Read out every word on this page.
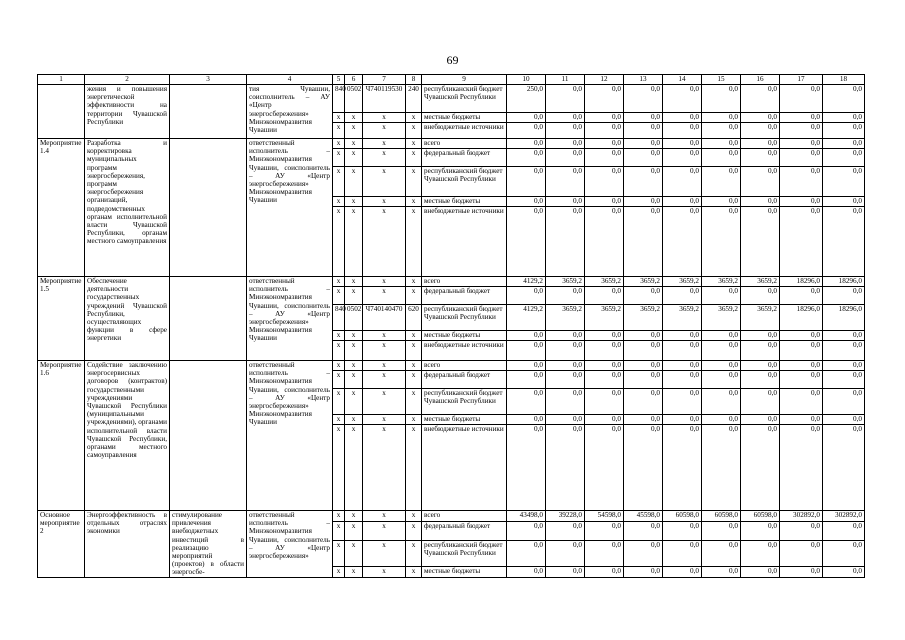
69
1	2	3	4	5	6	7	8	9	10	11	12	13	14	15	16	17	18
	жения и повышения энергетической эффективности на территории Чувашской Республики		тия Чувашии, соисполнитель – АУ «Центр энергосбережения» Минэкономразвития Чувашии	840	0502	Ч740119530	240	республиканский бюджет Чувашской Республики	250,0	0,0	0,0	0,0	0,0	0,0	0,0	0,0	0,0
				x	x	x	x	местные бюджеты	0,0	0,0	0,0	0,0	0,0	0,0	0,0	0,0	0,0
				x	x	x	x	внебюджетные источники	0,0	0,0	0,0	0,0	0,0	0,0	0,0	0,0	0,0
Мероприятие 1.4	Разработка и корректировка муниципальных программ энергосбережения, программ энергосбережения организаций, подведомственных органам исполнительной власти Чувашской Республики, органам местного самоуправления		ответственный исполнитель – Минэкономразвития Чувашии, соисполнитель – АУ «Центр энергосбережения» Минэкономразвития Чувашии	x	x	x	x	всего	0,0	0,0	0,0	0,0	0,0	0,0	0,0	0,0	0,0
				x	x	x	x	федеральный бюджет	0,0	0,0	0,0	0,0	0,0	0,0	0,0	0,0	0,0
				x	x	x	x	республиканский бюджет Чувашской Республики	0,0	0,0	0,0	0,0	0,0	0,0	0,0	0,0	0,0
				x	x	x	x	местные бюджеты	0,0	0,0	0,0	0,0	0,0	0,0	0,0	0,0	0,0
				x	x	x	x	внебюджетные источники	0,0	0,0	0,0	0,0	0,0	0,0	0,0	0,0	0,0
Мероприятие 1.5	Обеспечение деятельности государственных учреждений Чувашской Республики, осуществляющих функции в сфере энергетики		ответственный исполнитель – Минэкономразвития Чувашии, соисполнитель – АУ «Центр энергосбережения» Минэкономразвития Чувашии	x	x	x	x	всего	4129,2	3659,2	3659,2	3659,2	3659,2	3659,2	3659,2	18296,0	18296,0
				x	x	x	x	федеральный бюджет	0,0	0,0	0,0	0,0	0,0	0,0	0,0	0,0	0,0
				840	0502	Ч740140470	620	республиканский бюджет Чувашской Республики	4129,2	3659,2	3659,2	3659,2	3659,2	3659,2	3659,2	18296,0	18296,0
				x	x	x	x	местные бюджеты	0,0	0,0	0,0	0,0	0,0	0,0	0,0	0,0	0,0
				x	x	x	x	внебюджетные источники	0,0	0,0	0,0	0,0	0,0	0,0	0,0	0,0	0,0
Мероприятие 1.6	Содействие заключению энергосервисных договоров (контрактов) государственными учреждениями Чувашской Республики (муниципальными учреждениями), органами исполнительной власти Чувашской Республики, органами местного самоуправления		ответственный исполнитель – Минэкономразвития Чувашии, соисполнитель – АУ «Центр энергосбережения» Минэкономразвития Чувашии	x	x	x	x	всего	0,0	0,0	0,0	0,0	0,0	0,0	0,0	0,0	0,0
				x	x	x	x	федеральный бюджет	0,0	0,0	0,0	0,0	0,0	0,0	0,0	0,0	0,0
				x	x	x	x	республиканский бюджет Чувашской Республики	0,0	0,0	0,0	0,0	0,0	0,0	0,0	0,0	0,0
				x	x	x	x	местные бюджеты	0,0	0,0	0,0	0,0	0,0	0,0	0,0	0,0	0,0
				x	x	x	x	внебюджетные источники	0,0	0,0	0,0	0,0	0,0	0,0	0,0	0,0	0,0
Основное мероприятие 2	Энергоэффективность в отдельных отраслях экономики	стимулирование привлечения внебюджетных инвестиций в реализацию мероприятий (проектов) в области энергосбе-	ответственный исполнитель – Минэкономразвития Чувашии, соисполнитель – АУ «Центр энергосбережения»	x	x	x	x	всего	43498,0	39228,0	54598,0	45598,0	60598,0	60598,0	60598,0	302892,0	302892,0
				x	x	x	x	федеральный бюджет	0,0	0,0	0,0	0,0	0,0	0,0	0,0	0,0	0,0
				x	x	x	x	республиканский бюджет Чувашской Республики	0,0	0,0	0,0	0,0	0,0	0,0	0,0	0,0	0,0
				x	x	x	x	местные бюджеты	0,0	0,0	0,0	0,0	0,0	0,0	0,0	0,0	0,0
